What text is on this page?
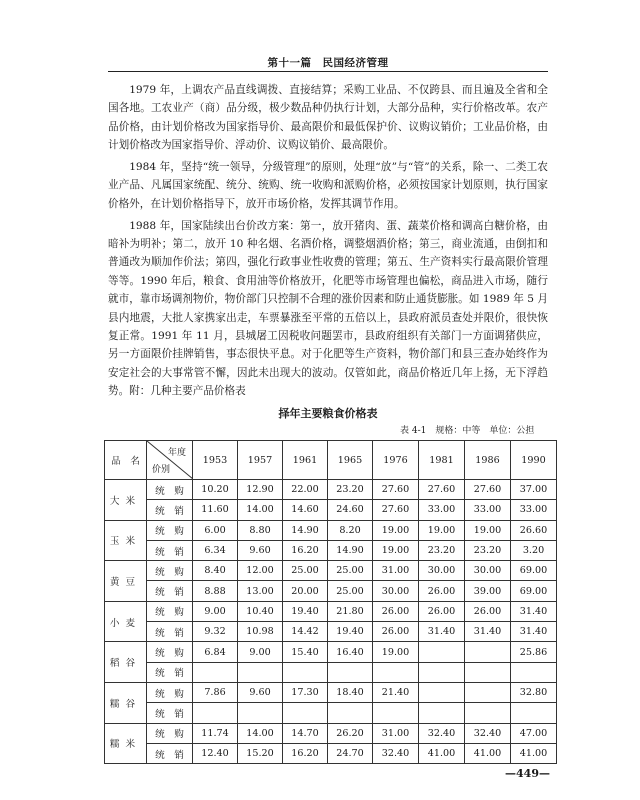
第十一篇　民国经济管理

1979 年，上调农产品直线调拨、直接结算；采购工业品、不仅跨县、而且遍及全省和全国各地。工农业产（商）品分级，极少数品种仍执行计划，大部分品种，实行价格改革。农产品价格，由计划价格改为国家指导价、最高限价和最低保护价、议购议销价；工业品价格，由计划价格改为国家指导价、浮动价、议购议销价、最高限价。

1984 年，坚持“统一领导，分级管理”的原则，处理“放”与“管”的关系，除一、二类工农业产品、凡属国家统配、统分、统购、统一收购和派购价格，必须按国家计划原则，执行国家价格外，在计划价格指导下，放开市场价格，发挥其调节作用。

1988 年，国家陆续出台价改方案：第一，放开猪肉、蛋、蔬菜价格和调高白糖价格，由暗补为明补；第二，放开 10 种名烟、名酒价格，调整烟酒价格；第三，商业流通，由倒扣和普通改为顺加作价法；第四，强化行政事业性收费的管理；第五、生产资料实行最高限价管理等等。1990 年后，粮食、食用油等价格放开，化肥等市场管理也偏松，商品进入市场，随行就市，靠市场调剂物价，物价部门只控制不合理的涨价因素和防止通货膨胀。如 1989 年 5 月县内地震，大批人家携家出走，车票暴涨至平常的五倍以上，县政府派员查处并限价，很快恢复正常。1991 年 11 月，县城屠工因税收问题罢市，县政府组织有关部门一方面调猪供应，另一方面限价挂牌销售，事态很快平息。对于化肥等生产资料，物价部门和县三查办始终作为安定社会的大事常管不懈，因此未出现大的波动。仅管如此，商品价格近几年上扬，无下浮趋势。附：几种主要产品价格表

择年主要粮食价格表
表 4-1　规格：中等　单位：公担
品　名	年度
价别	1953	1957	1961	1965	1976	1981	1986	1990
大米	统　购	10.20	12.90	22.00	23.20	27.60	27.60	27.60	37.00
	统　销	11.60	14.00	14.60	24.60	27.60	33.00	33.00	33.00
玉米	统　购	6.00	8.80	14.90	8.20	19.00	19.00	19.00	26.60
	统　销	6.34	9.60	16.20	14.90	19.00	23.20	23.20	3.20
黄豆	统　购	8.40	12.00	25.00	25.00	31.00	30.00	30.00	69.00
	统　销	8.88	13.00	20.00	25.00	30.00	26.00	39.00	69.00
小麦	统　购	9.00	10.40	19.40	21.80	26.00	26.00	26.00	31.40
	统　销	9.32	10.98	14.42	19.40	26.00	31.40	31.40	31.40
稻谷	统　购	6.84	9.00	15.40	16.40	19.00			25.86
	统　销								
糯谷	统　购	7.86	9.60	17.30	18.40	21.40			32.80
	统　销								
糯米	统　购	11.74	14.00	14.70	26.20	31.00	32.40	32.40	47.00
	统　销	12.40	15.20	16.20	24.70	32.40	41.00	41.00	41.00
—449—
